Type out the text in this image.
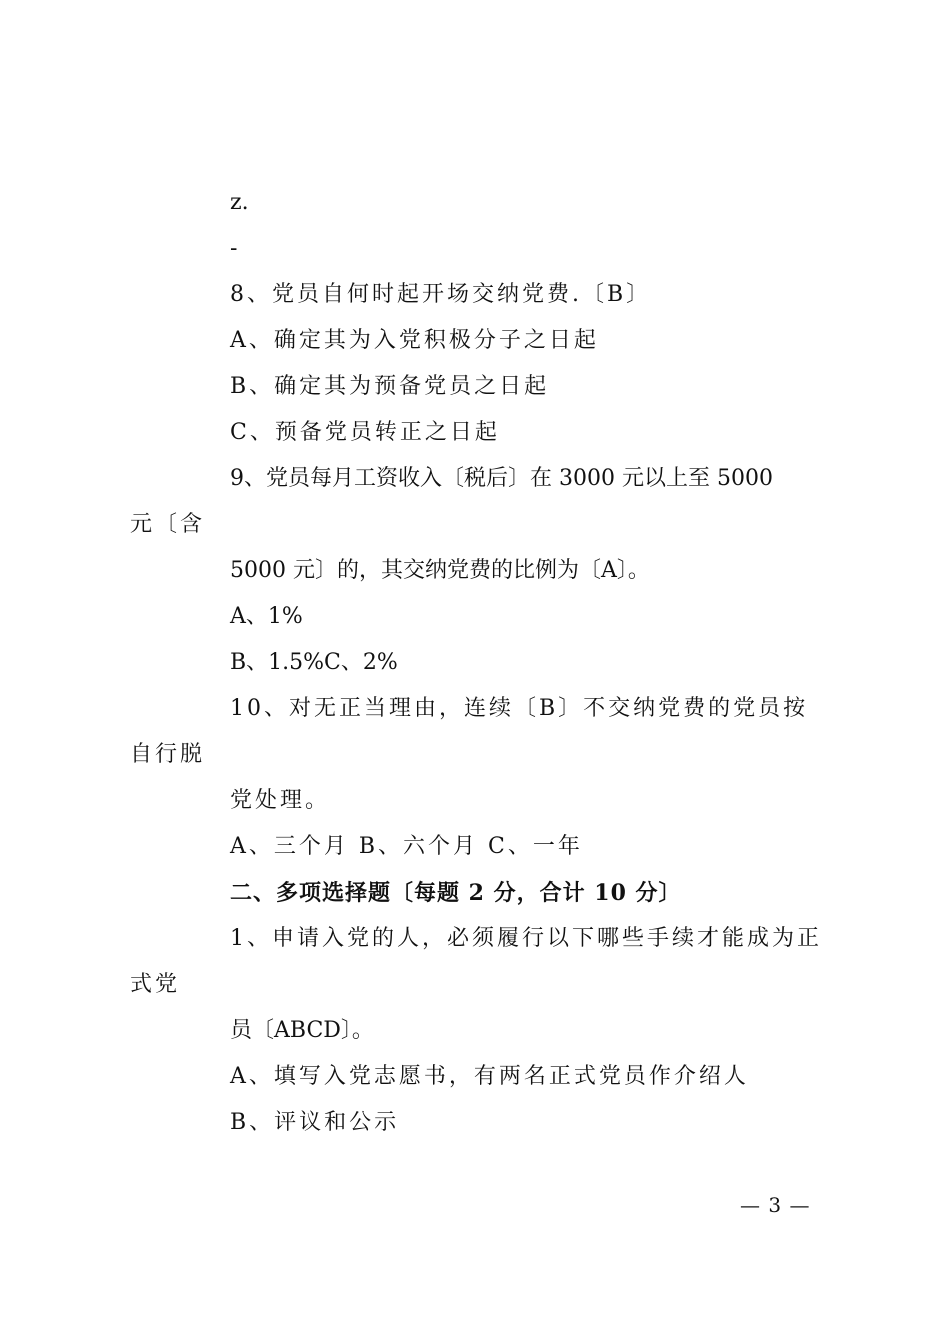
z.
-
8、党员自何时起开场交纳党费.〔B〕
A、确定其为入党积极分子之日起
B、确定其为预备党员之日起
C、预备党员转正之日起
9、党员每月工资收入〔税后〕在 3000 元以上至 5000
元〔含
5000 元〕的，其交纳党费的比例为〔A〕。
A、1%
B、1.5%C、2%
10、对无正当理由，连续〔B〕不交纳党费的党员按
自行脱
党处理。
A、三个月 B、六个月 C、一年
二、多项选择题〔每题 2 分，合计 10 分〕
1、申请入党的人，必须履行以下哪些手续才能成为正
式党
员〔ABCD〕。
A、填写入党志愿书，有两名正式党员作介绍人
B、评议和公示
— 3 —
